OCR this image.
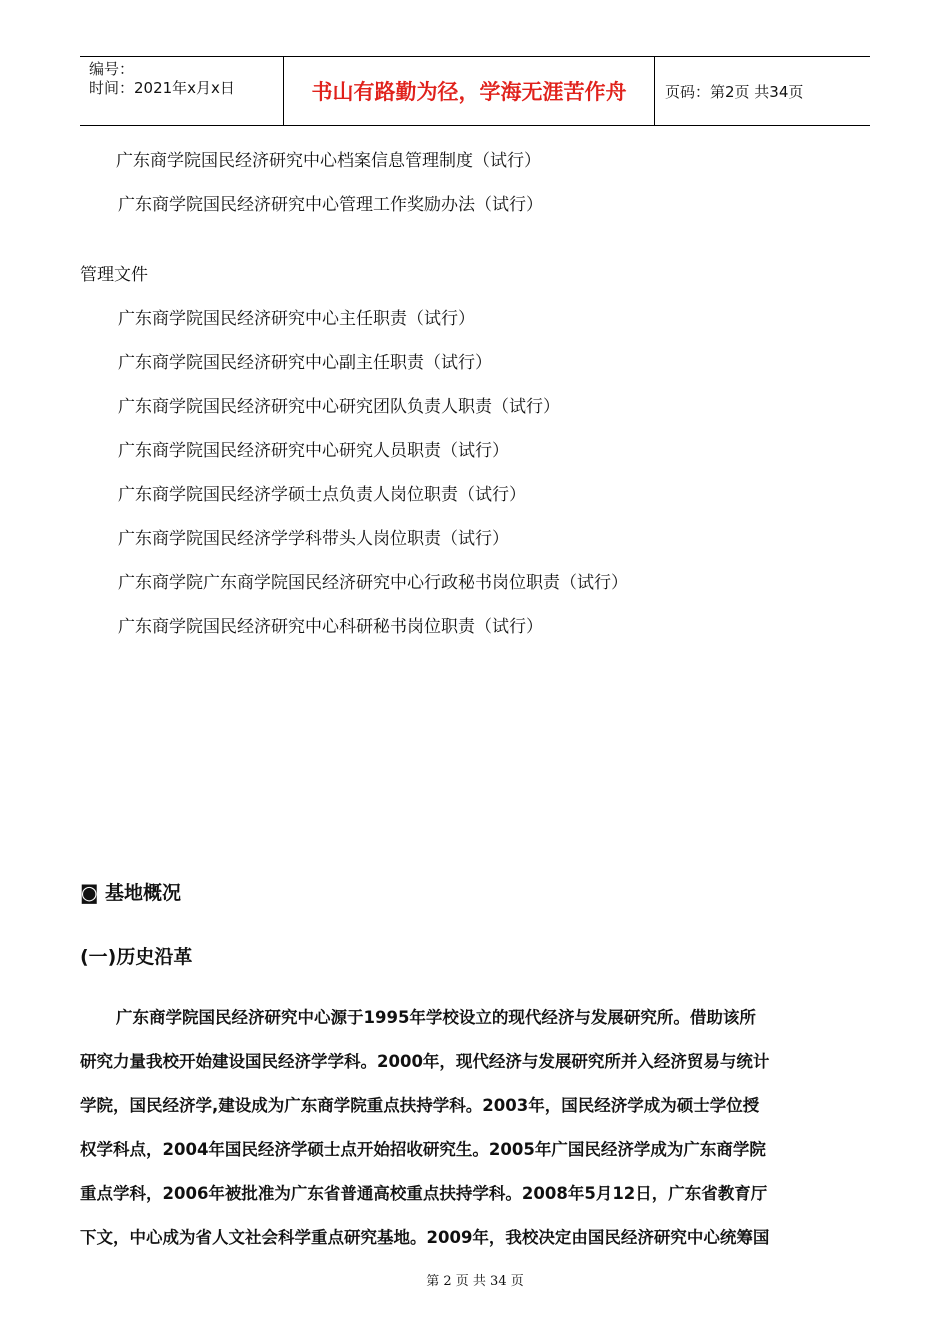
编号：
时间：2021年x月x日	书山有路勤为径，学海无涯苦作舟	页码：第2页 共34页
广东商学院国民经济研究中心档案信息管理制度（试行）
广东商学院国民经济研究中心管理工作奖励办法（试行）
管理文件
广东商学院国民经济研究中心主任职责（试行）
广东商学院国民经济研究中心副主任职责（试行）
广东商学院国民经济研究中心研究团队负责人职责（试行）
广东商学院国民经济研究中心研究人员职责（试行）
广东商学院国民经济学硕士点负责人岗位职责（试行）
广东商学院国民经济学学科带头人岗位职责（试行）
广东商学院广东商学院国民经济研究中心行政秘书岗位职责（试行）
广东商学院国民经济研究中心科研秘书岗位职责（试行）
◙ 基地概况
(一)历史沿革
广东商学院国民经济研究中心源于1995年学校设立的现代经济与发展研究所。借助该所
研究力量我校开始建设国民经济学学科。2000年，现代经济与发展研究所并入经济贸易与统计
学院，国民经济学,建设成为广东商学院重点扶持学科。2003年，国民经济学成为硕士学位授
权学科点，2004年国民经济学硕士点开始招收研究生。2005年广国民经济学成为广东商学院
重点学科，2006年被批准为广东省普通高校重点扶持学科。2008年5月12日，广东省教育厅
下文，中心成为省人文社会科学重点研究基地。2009年，我校决定由国民经济研究中心统筹国
第 2 页 共 34 页
